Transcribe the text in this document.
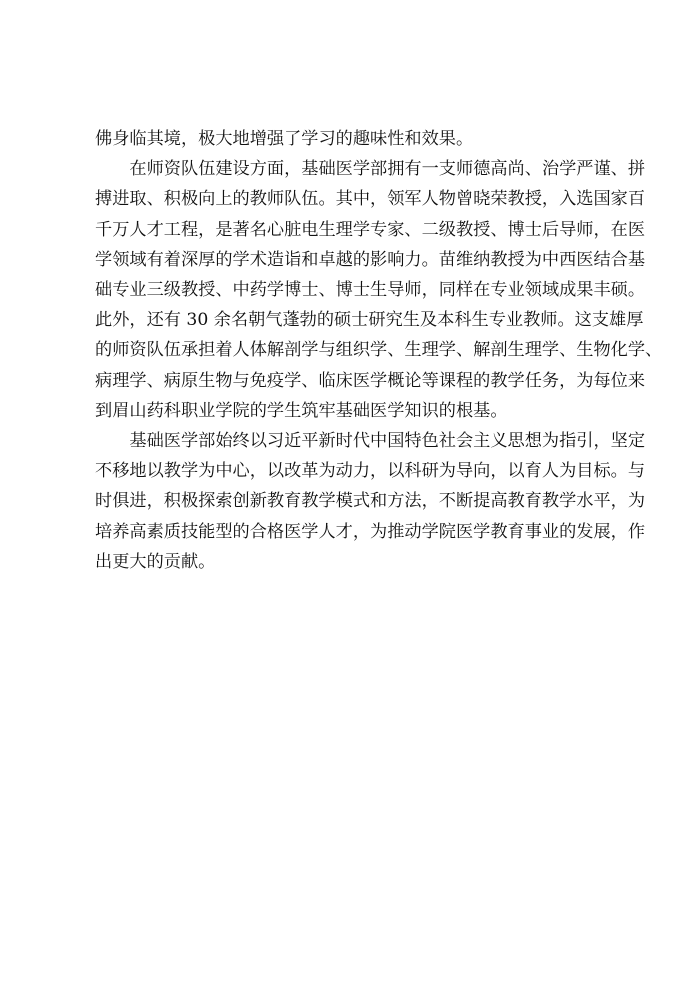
佛身临其境，极大地增强了学习的趣味性和效果。

在师资队伍建设方面，基础医学部拥有一支师德高尚、治学严谨、拼
搏进取、积极向上的教师队伍。其中，领军人物曾晓荣教授，入选国家百
千万人才工程，是著名心脏电生理学专家、二级教授、博士后导师，在医
学领域有着深厚的学术造诣和卓越的影响力。苗维纳教授为中西医结合基
础专业三级教授、中药学博士、博士生导师，同样在专业领域成果丰硕。
此外，还有 30 余名朝气蓬勃的硕士研究生及本科生专业教师。这支雄厚
的师资队伍承担着人体解剖学与组织学、生理学、解剖生理学、生物化学、
病理学、病原生物与免疫学、临床医学概论等课程的教学任务，为每位来
到眉山药科职业学院的学生筑牢基础医学知识的根基。

基础医学部始终以习近平新时代中国特色社会主义思想为指引，坚定
不移地以教学为中心，以改革为动力，以科研为导向，以育人为目标。与
时俱进，积极探索创新教育教学模式和方法，不断提高教育教学水平，为
培养高素质技能型的合格医学人才，为推动学院医学教育事业的发展，作
出更大的贡献。
